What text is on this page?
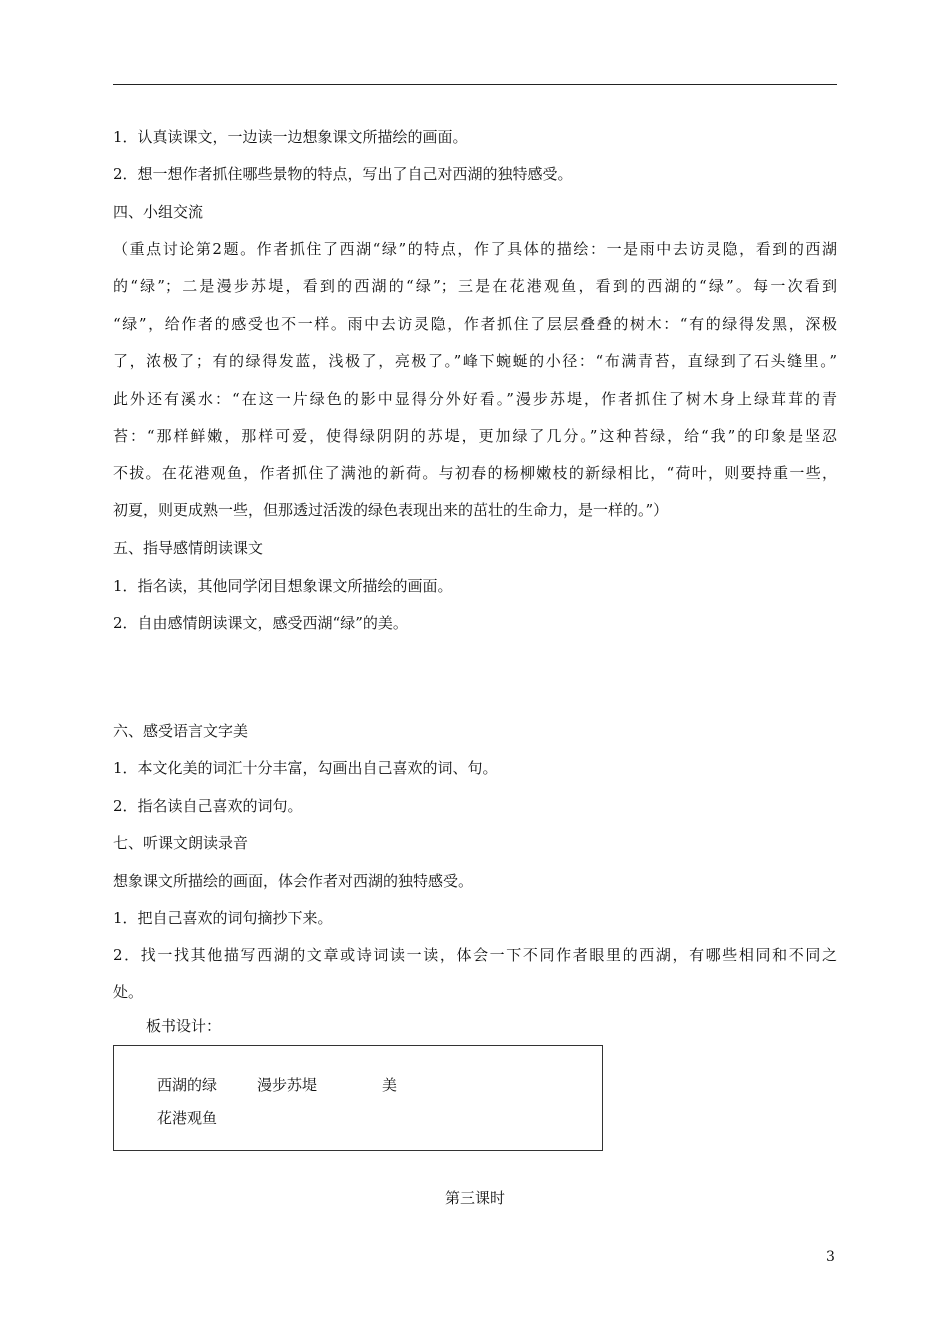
1．认真读课文，一边读一边想象课文所描绘的画面。
2．想一想作者抓住哪些景物的特点，写出了自己对西湖的独特感受。
四、小组交流
（重点讨论第2题。作者抓住了西湖“绿”的特点，作了具体的描绘：一是雨中去访灵隐，看到的西湖
的“绿”；二是漫步苏堤，看到的西湖的“绿”；三是在花港观鱼，看到的西湖的“绿”。每一次看到
“绿”，给作者的感受也不一样。雨中去访灵隐，作者抓住了层层叠叠的树木：“有的绿得发黑，深极
了，浓极了；有的绿得发蓝，浅极了，亮极了。”峰下蜿蜒的小径：“布满青苔，直绿到了石头缝里。”
此外还有溪水：“在这一片绿色的影中显得分外好看。”漫步苏堤，作者抓住了树木身上绿茸茸的青
苔：“那样鲜嫩，那样可爱，使得绿阴阴的苏堤，更加绿了几分。”这种苔绿，给“我”的印象是坚忍
不拔。在花港观鱼，作者抓住了满池的新荷。与初春的杨柳嫩枝的新绿相比，“荷叶，则要持重一些，
初夏，则更成熟一些，但那透过活泼的绿色表现出来的茁壮的生命力，是一样的。”）
五、指导感情朗读课文
1．指名读，其他同学闭目想象课文所描绘的画面。
2．自由感情朗读课文，感受西湖“绿”的美。
六、感受语言文字美
1．本文化美的词汇十分丰富，勾画出自己喜欢的词、句。
2．指名读自己喜欢的词句。
七、听课文朗读录音
想象课文所描绘的画面，体会作者对西湖的独特感受。
1．把自己喜欢的词句摘抄下来。
2．找一找其他描写西湖的文章或诗词读一读，体会一下不同作者眼里的西湖，有哪些相同和不同之
处。
板书设计：
西湖的绿	漫步苏堤	美
花港观鱼
第三课时
3
